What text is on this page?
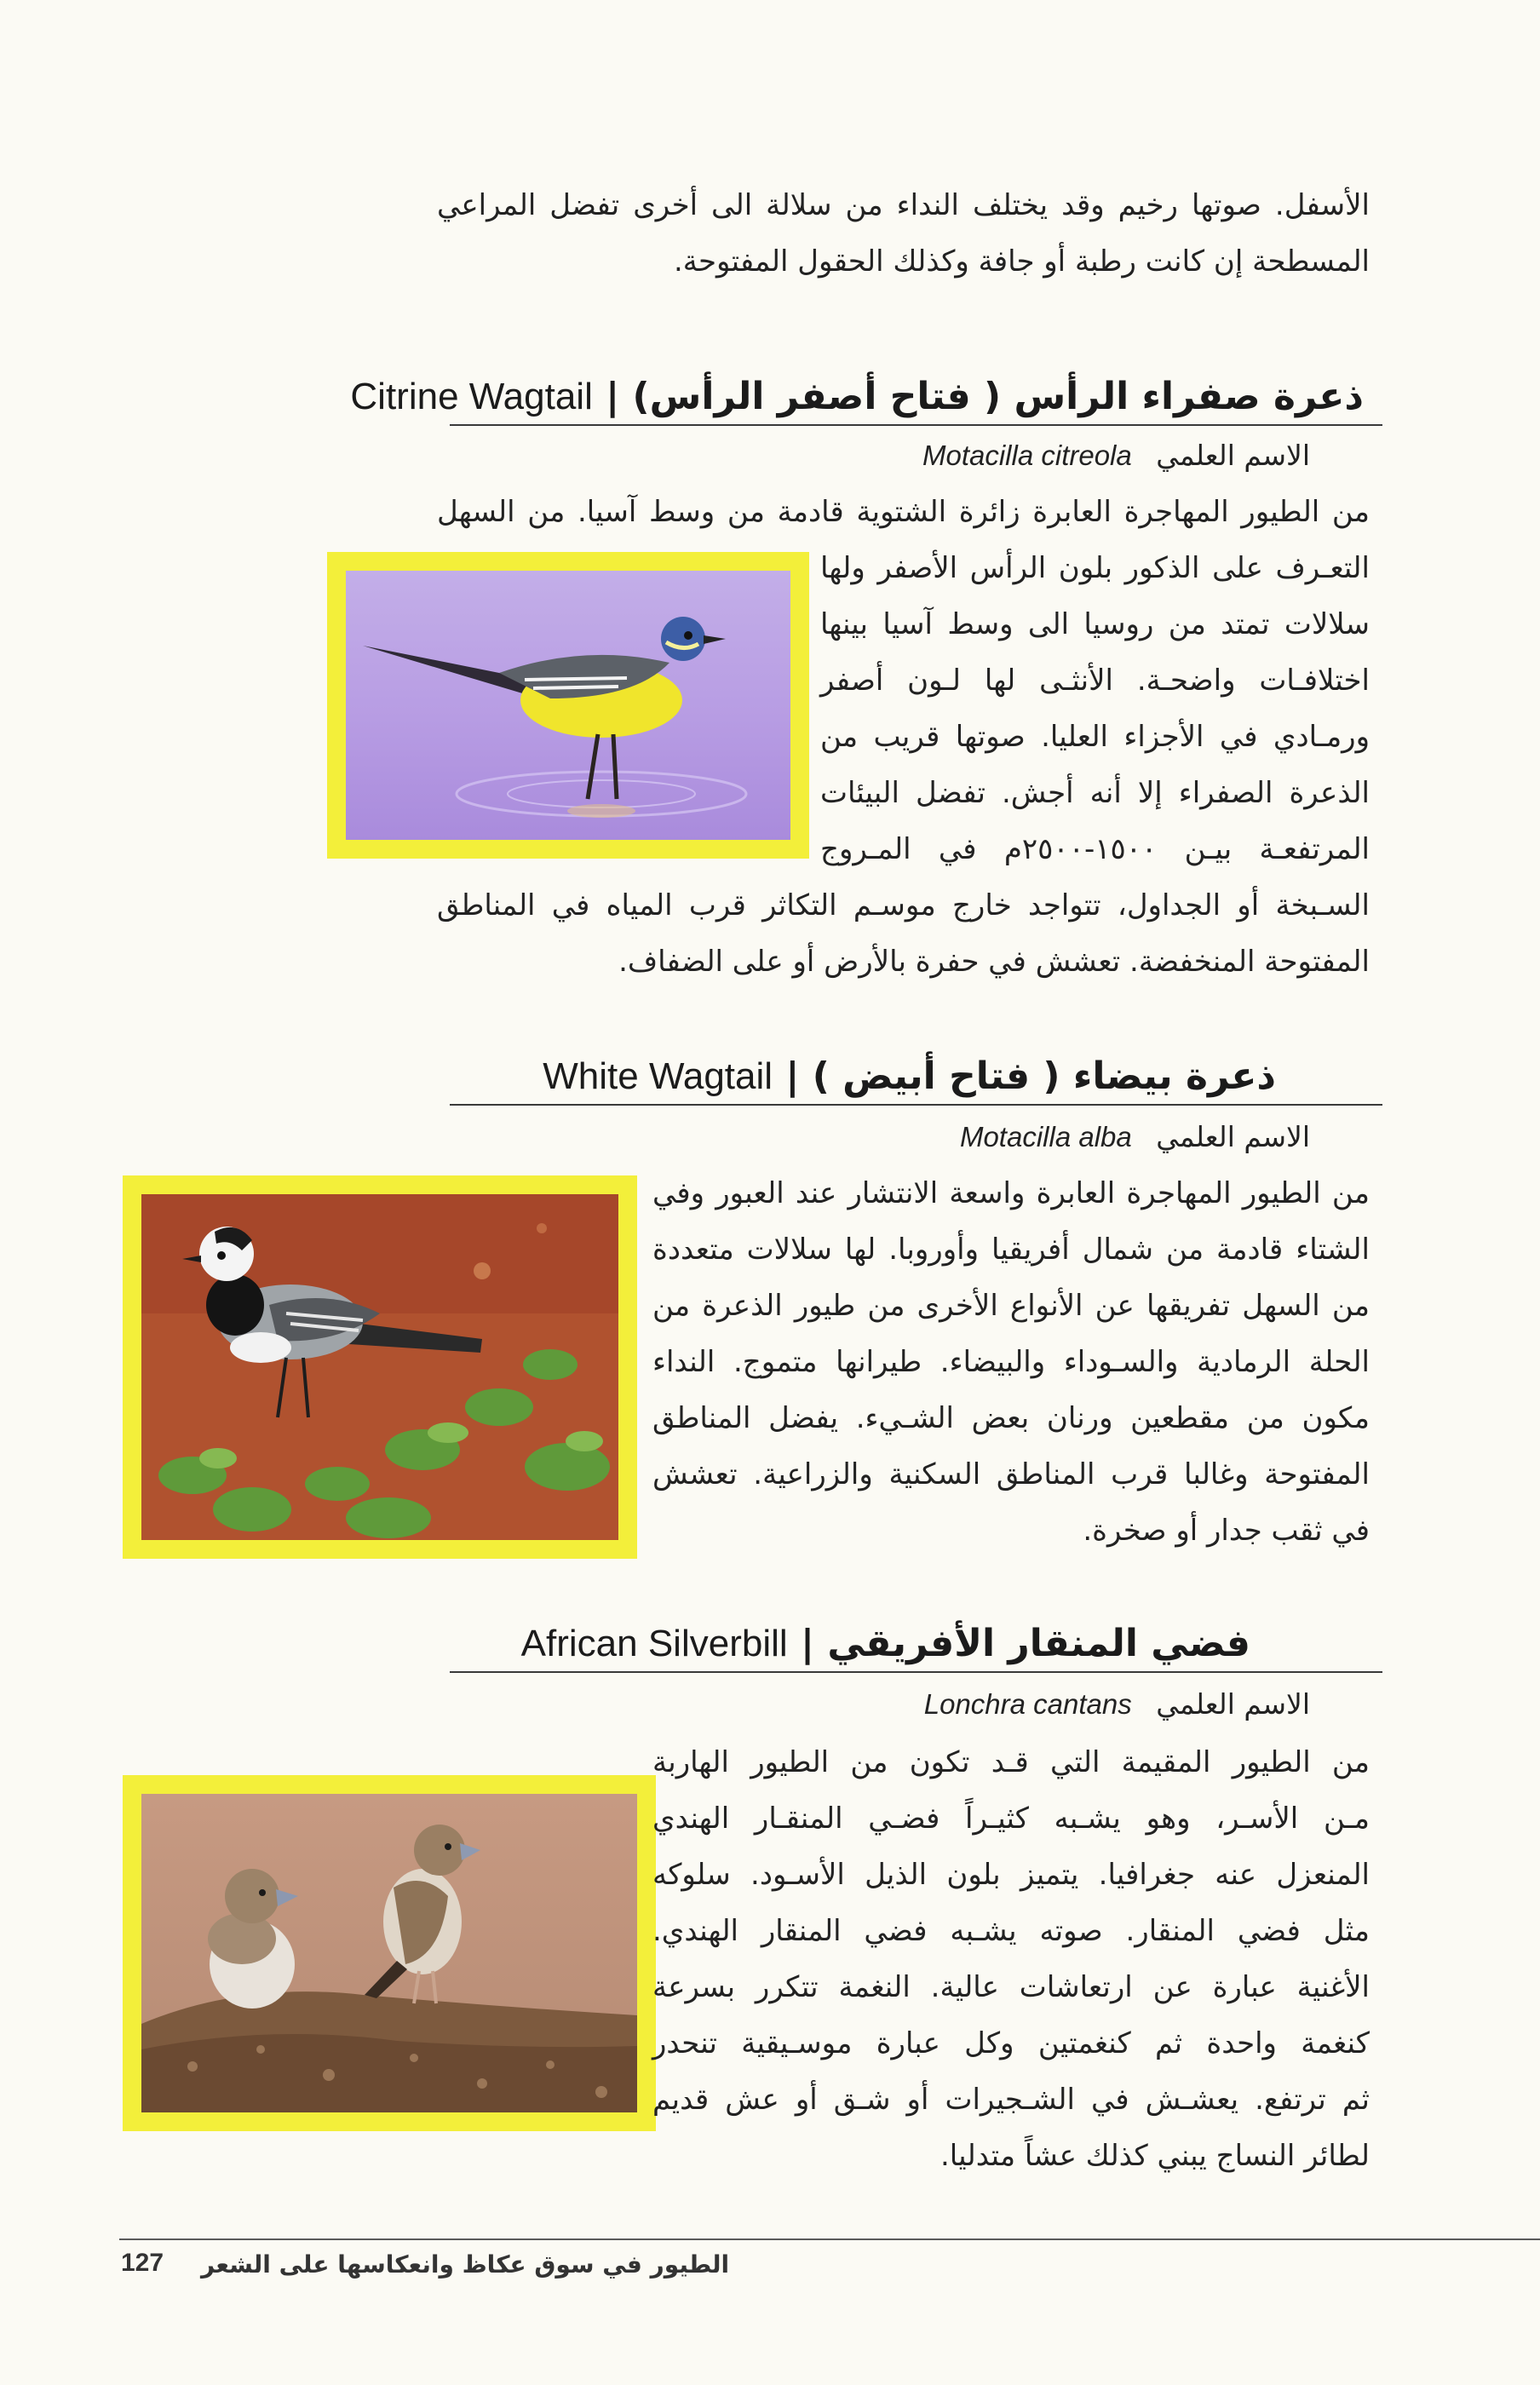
الأسفل. صوتها رخيم وقد يختلف النداء من سلالة الى أخرى تفضل المراعي
المسطحة إن كانت رطبة أو جافة وكذلك الحقول المفتوحة.
ذعرة صفراء الرأس ( فتاح أصفر الرأس) | Citrine Wagtail
الاسم العلمي Motacilla citreola
من الطيور المهاجرة العابرة زائرة الشتوية قادمة من وسط آسيا. من السهل
التعـرف على الذكور بلون الرأس الأصفر ولها
سلالات تمتد من روسيا الى وسط آسيا بينها
اختلافـات واضحـة. الأنثـى لها لـون أصفر
ورمـادي في الأجزاء العليا. صوتها قريب من
الذعرة الصفراء إلا أنه أجش. تفضل البيئات
المرتفعـة بيـن ١٥٠٠-٢٥٠٠م في المـروج
السـبخة أو الجداول، تتواجد خارج موسـم التكاثر قرب المياه في المناطق
المفتوحة المنخفضة. تعشش في حفرة بالأرض أو على الضفاف.
ذعرة بيضاء ( فتاح أبيض ) | White Wagtail
الاسم العلمي Motacilla alba
من الطيور المهاجرة العابرة واسعة الانتشار عند العبور وفي
الشتاء قادمة من شمال أفريقيا وأوروبا. لها سلالات متعددة
من السهل تفريقها عن الأنواع الأخرى من طيور الذعرة من
الحلة الرمادية والسـوداء والبيضاء. طيرانها متموج. النداء
مكون من مقطعين ورنان بعض الشـيء. يفضل المناطق
المفتوحة وغالبا قرب المناطق السكنية والزراعية. تعشش
في ثقب جدار أو صخرة.
فضي المنقار الأفريقي | African Silverbill
الاسم العلمي Lonchra cantans
من الطيور المقيمة التي قـد تكون من الطيور الهاربة
مـن الأسـر، وهو يشـبه كثيـراً فضـي المنقـار الهندي
المنعزل عنه جغرافيا. يتميز بلون الذيل الأسـود. سلوكه
مثل فضي المنقار. صوته يشـبه فضي المنقار الهندي.
الأغنية عبارة عن ارتعاشات عالية. النغمة تتكرر بسرعة
كنغمة واحدة ثم كنغمتين وكل عبارة موسـيقية تنحدر
ثم ترتفع. يعشـش في الشـجيرات أو شـق أو عش قديم
لطائر النساج يبني كذلك عشاً متدليا.
127 الطيور في سوق عكاظ وانعكاسها على الشعر
